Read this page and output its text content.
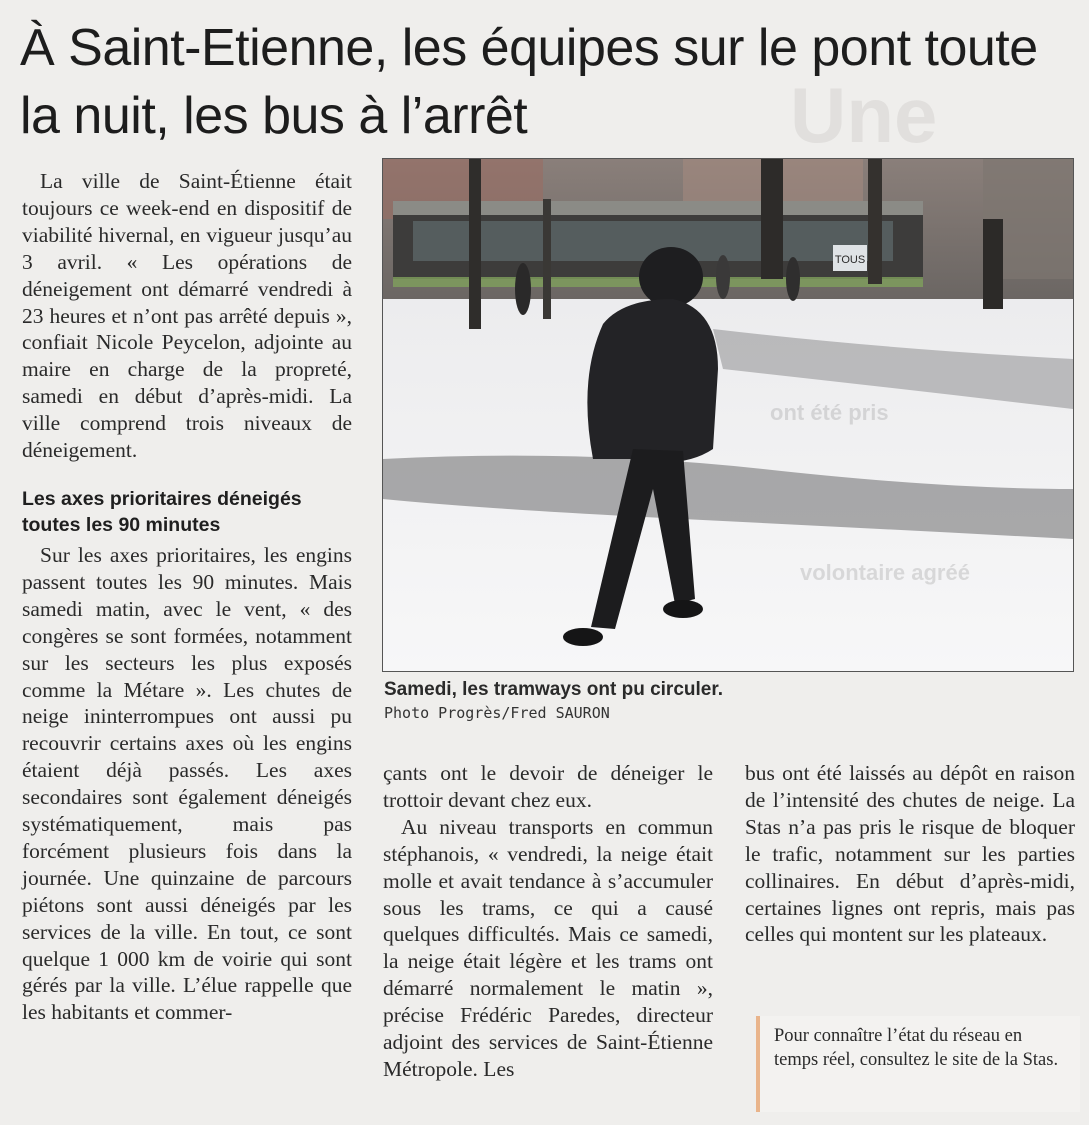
Une
À Saint-Etienne, les équipes sur le pont toute la nuit, les bus à l’arrêt

La ville de Saint-Étienne était toujours ce week-end en dispositif de viabilité hivernal, en vigueur jusqu’au 3 avril. « Les opérations de déneigement ont démarré vendredi à 23 heures et n’ont pas arrêté depuis », confiait Nicole Peycelon, adjointe au maire en charge de la propreté, samedi en début d’après-midi. La ville comprend trois niveaux de déneigement.

Les axes prioritaires déneigés toutes les 90 minutes

Sur les axes prioritaires, les engins passent toutes les 90 minutes. Mais samedi matin, avec le vent, « des congères se sont formées, notamment sur les secteurs les plus exposés comme la Métare ». Les chutes de neige ininterrompues ont aussi pu recouvrir certains axes où les engins étaient déjà passés. Les axes secondaires sont également déneigés systématiquement, mais pas forcément plusieurs fois dans la journée. Une quinzaine de parcours piétons sont aussi déneigés par les services de la ville. En tout, ce sont quelque 1 000 km de voirie qui sont gérés par la ville. L’élue rappelle que les habitants et commer-

TOUS
Samedi, les tramways ont pu circuler.
Photo Progrès/Fred SAURON
ont été pris
volontaire agréé

çants ont le devoir de déneiger le trottoir devant chez eux.

Au niveau transports en commun stéphanois, « vendredi, la neige était molle et avait tendance à s’accumuler sous les trams, ce qui a causé quelques difficultés. Mais ce samedi, la neige était légère et les trams ont démarré normalement le matin », précise Frédéric Paredes, directeur adjoint des services de Saint-Étienne Métropole. Les

bus ont été laissés au dépôt en raison de l’intensité des chutes de neige. La Stas n’a pas pris le risque de bloquer le trafic, notamment sur les parties collinaires. En début d’après-midi, certaines lignes ont repris, mais pas celles qui montent sur les plateaux.

Pour connaître l’état du réseau en temps réel, consultez le site de la Stas.
